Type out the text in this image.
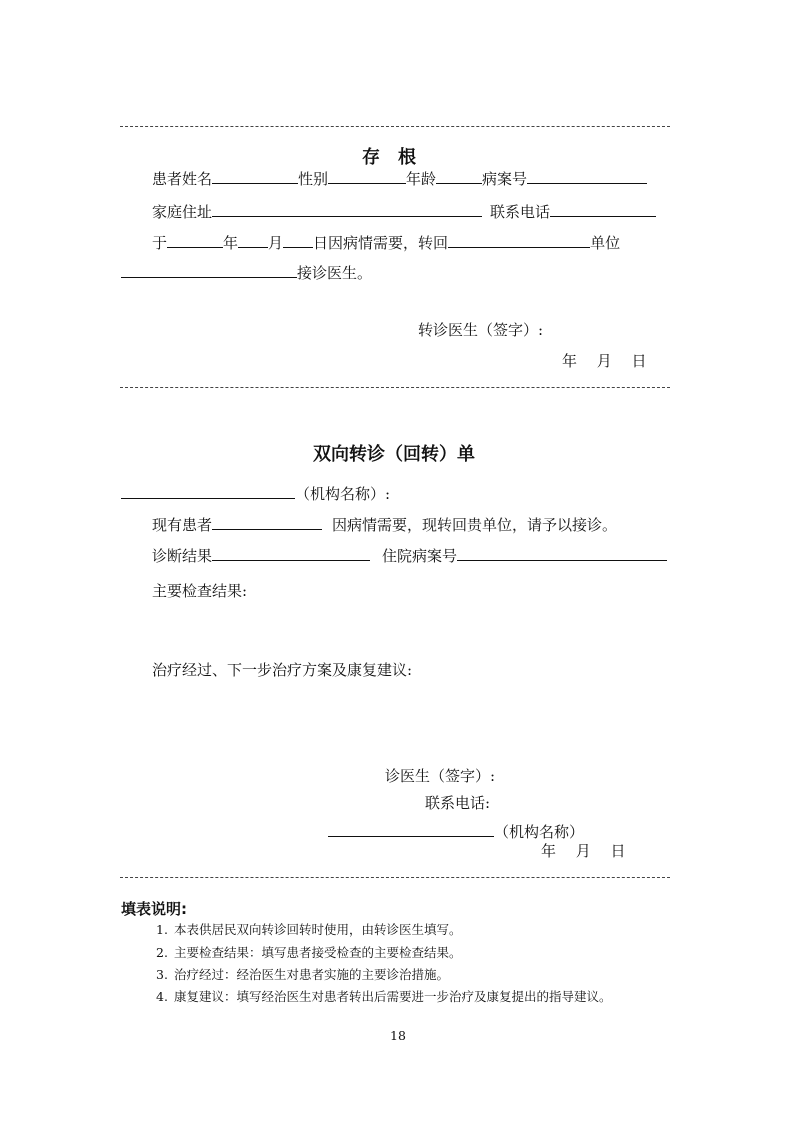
存　根
患者姓名	性别	年龄	病案号
家庭住址	联系电话
于	年 月 日因病情需要，转回	单位
接诊医生。
转诊医生（签字）:
年　 月　 日
双向转诊（回转）单
（机构名称）:
现有患者	因病情需要，现转回贵单位，请予以接诊。
诊断结果	住院病案号
主要检查结果:
治疗经过、下一步治疗方案及康复建议:
诊医生（签字）:
联系电话:
（机构名称）
年　 月　 日
填表说明:
1. 本表供居民双向转诊回转时使用，由转诊医生填写。
2. 主要检查结果：填写患者接受检查的主要检查结果。
3. 治疗经过：经治医生对患者实施的主要诊治措施。
4. 康复建议：填写经治医生对患者转出后需要进一步治疗及康复提出的指导建议。
18
